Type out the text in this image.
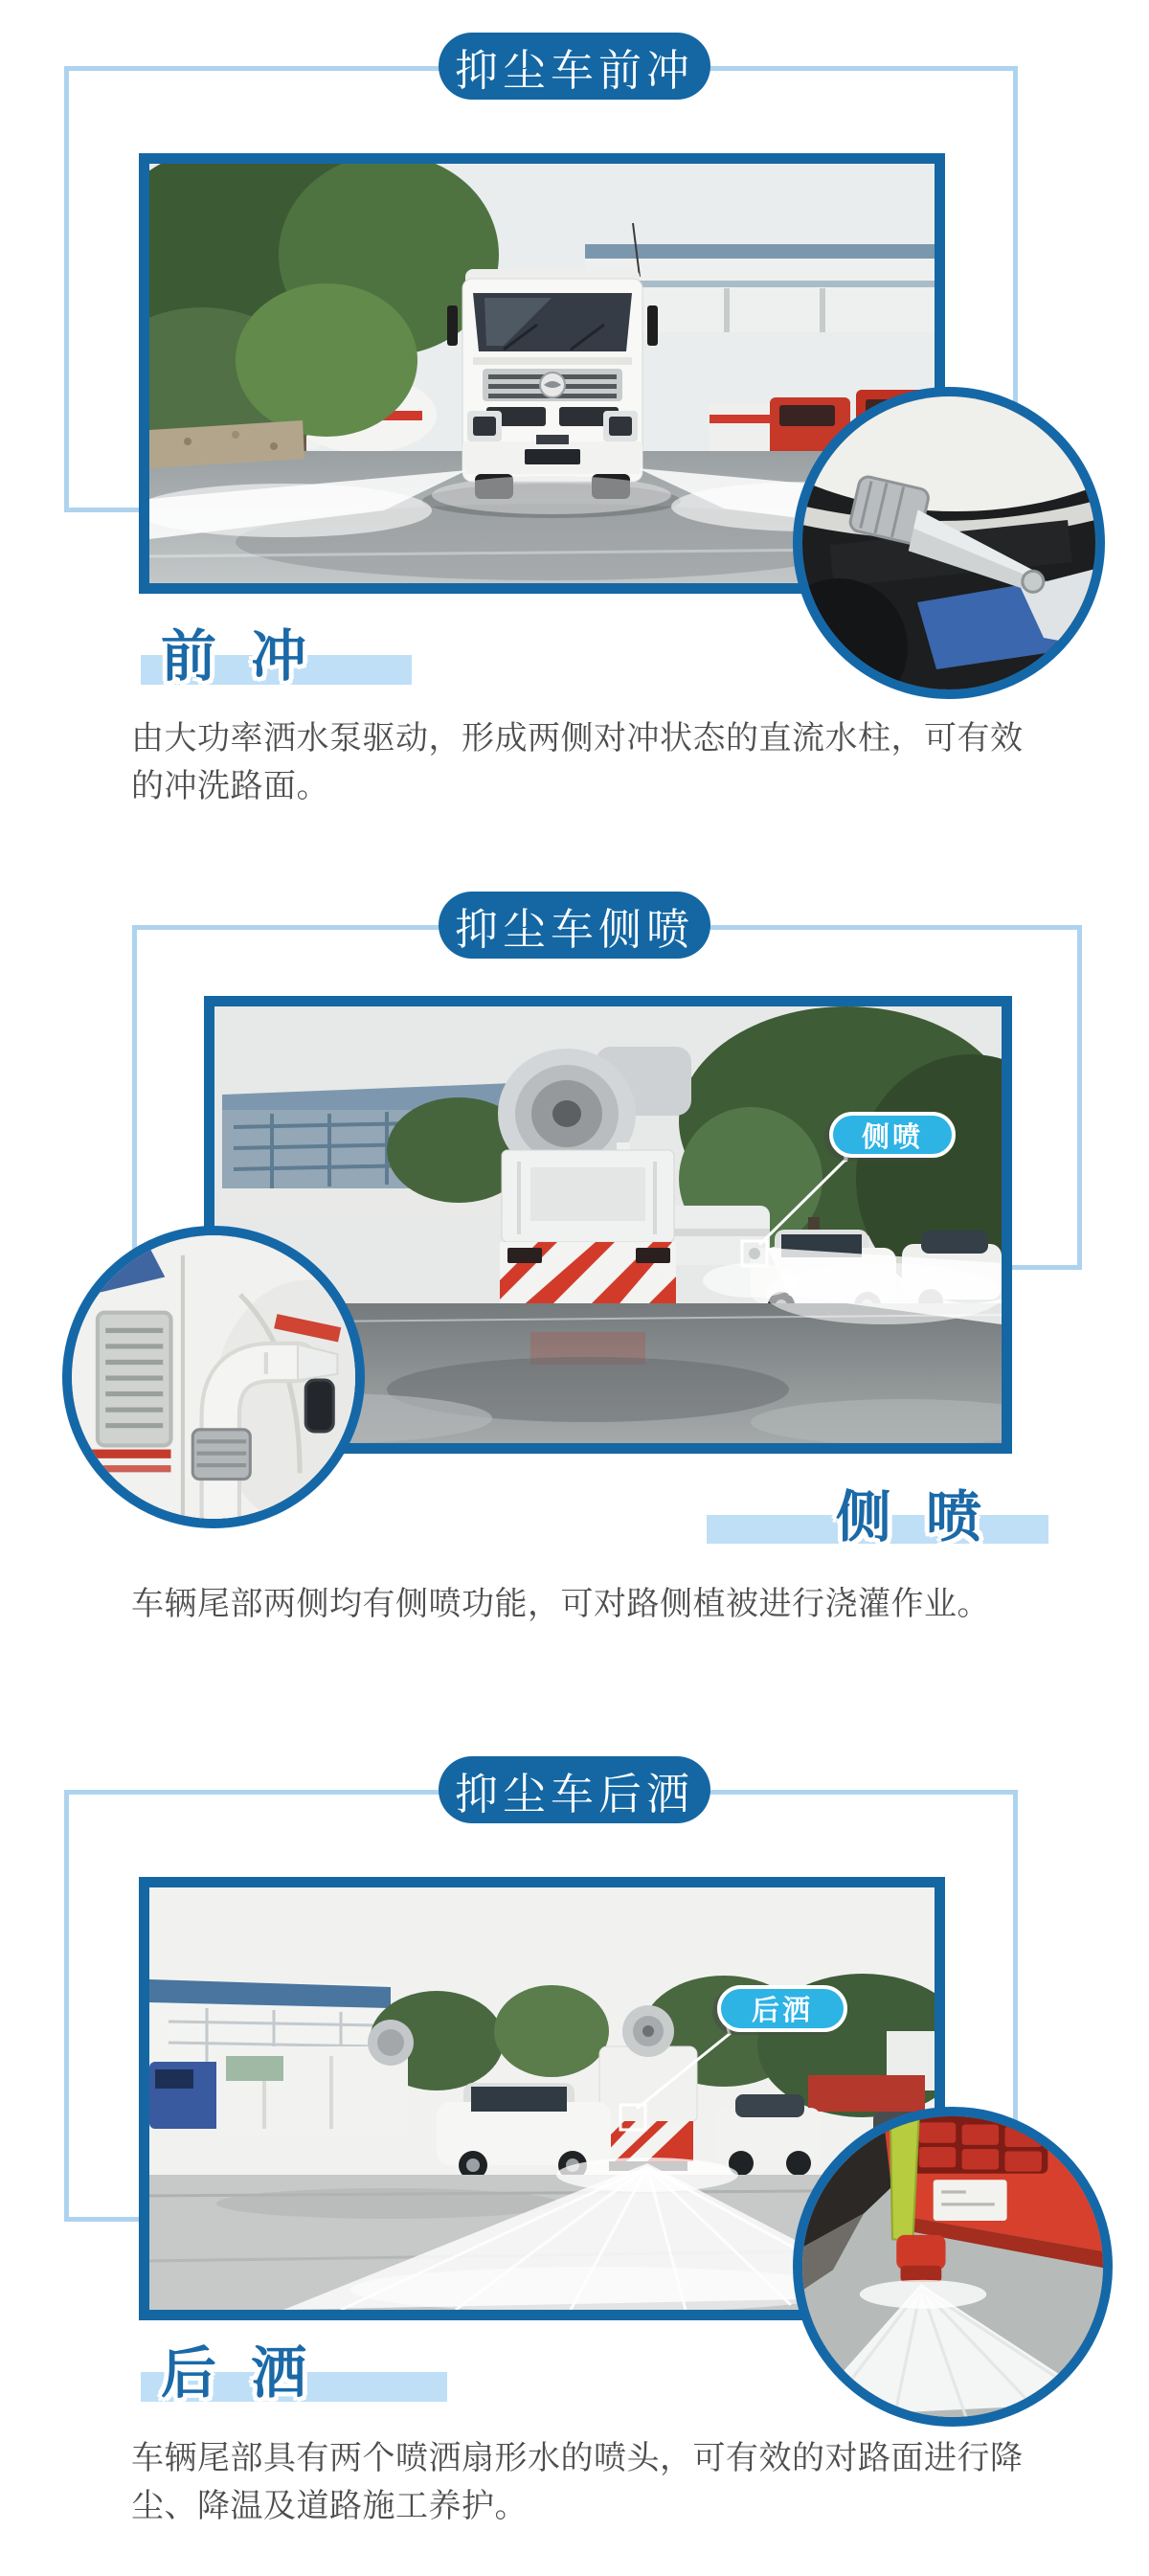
抑尘车前冲
前 冲

由大功率洒水泵驱动，形成两侧对冲状态的直流水柱，可有效的冲洗路面。

抑尘车侧喷
侧喷
侧 喷

车辆尾部两侧均有侧喷功能，可对路侧植被进行浇灌作业。

抑尘车后洒
后洒
后 洒

车辆尾部具有两个喷洒扇形水的喷头，可有效的对路面进行降尘、降温及道路施工养护。
